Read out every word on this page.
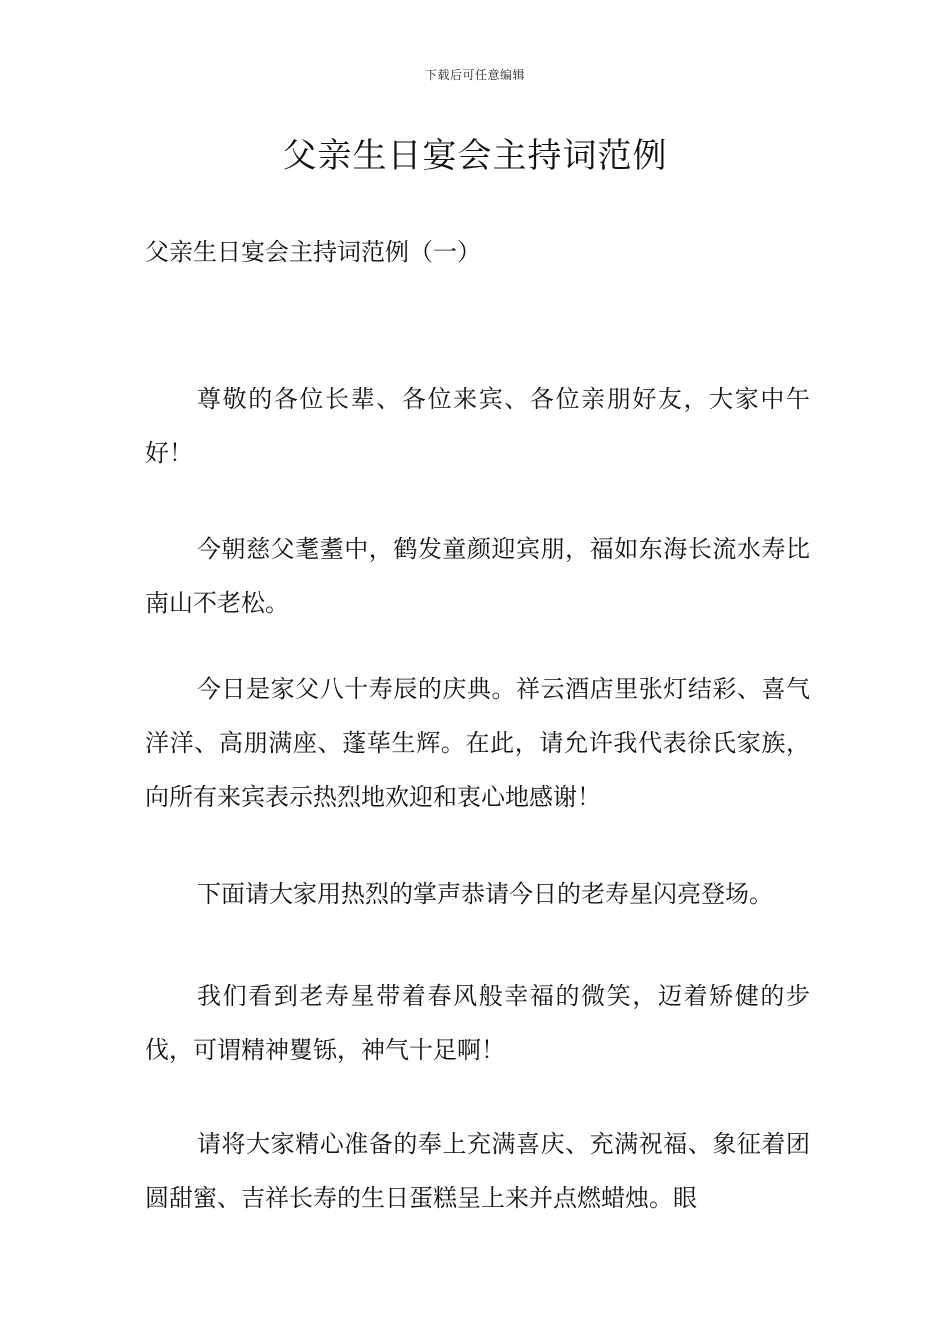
下载后可任意编辑
父亲生日宴会主持词范例
父亲生日宴会主持词范例（一）

尊敬的各位长辈、各位来宾、各位亲朋好友，大家中午好！

今朝慈父耄耋中，鹤发童颜迎宾朋，福如东海长流水寿比南山不老松。

今日是家父八十寿辰的庆典。祥云酒店里张灯结彩、喜气洋洋、高朋满座、蓬荜生辉。在此，请允许我代表徐氏家族，向所有来宾表示热烈地欢迎和衷心地感谢！

下面请大家用热烈的掌声恭请今日的老寿星闪亮登场。

我们看到老寿星带着春风般幸福的微笑，迈着矫健的步伐，可谓精神矍铄，神气十足啊！

请将大家精心准备的奉上充满喜庆、充满祝福、象征着团圆甜蜜、吉祥长寿的生日蛋糕呈上来并点燃蜡烛。眼
